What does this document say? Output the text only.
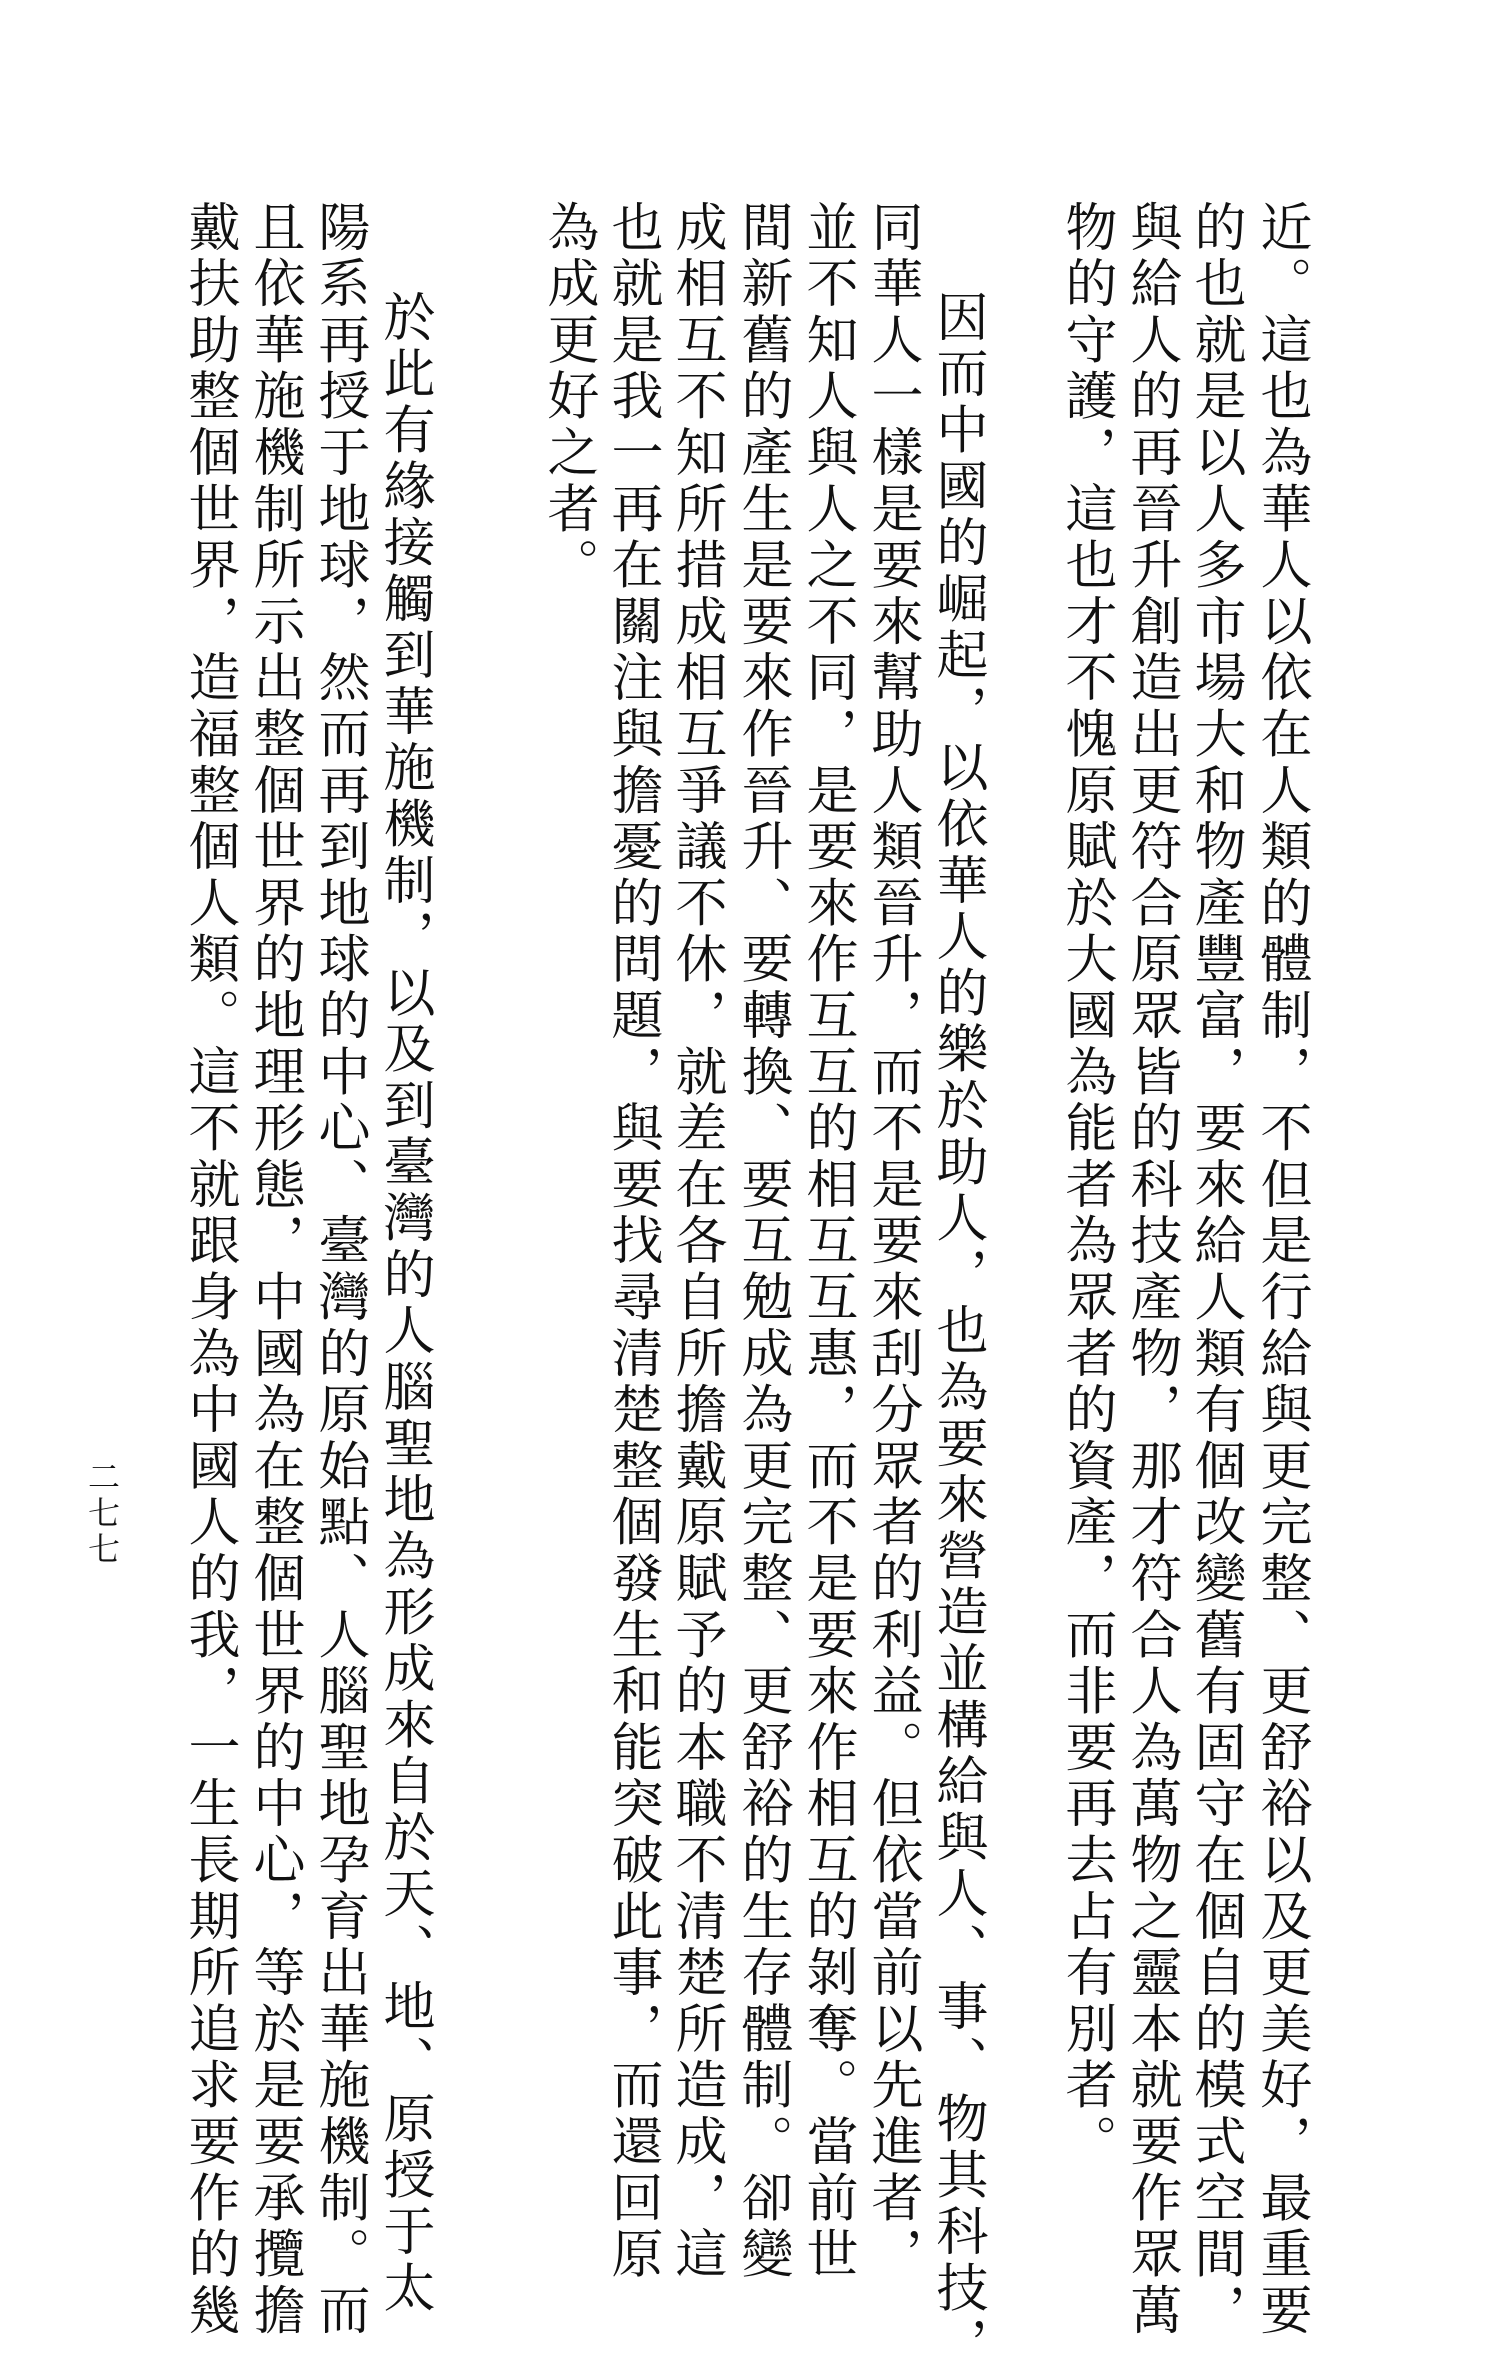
近。這也為華人以依在人類的體制，不但是行給與更完整、更舒裕以及更美好，最重要
的也就是以人多市場大和物產豐富，要來給人類有個改變舊有固守在個自的模式空間，
與給人的再晉升創造出更符合原眾皆的科技產物，那才符合人為萬物之靈本就要作眾萬
物的守護，這也才不愧原賦於大國為能者為眾者的資產，而非要再去占有別者。
因而中國的崛起，以依華人的樂於助人，也為要來營造並構給與人、事、物其科技，
同華人一樣是要來幫助人類晉升，而不是要來刮分眾者的利益。但依當前以先進者，
並不知人與人之不同，是要來作互互的相互互惠，而不是要來作相互的剝奪。當前世
間新舊的產生是要來作晉升、要轉換、要互勉成為更完整、更舒裕的生存體制。卻變
成相互不知所措成相互爭議不休，就差在各自所擔戴原賦予的本職不清楚所造成，這
也就是我一再在關注與擔憂的問題，與要找尋清楚整個發生和能突破此事，而還回原
為成更好之者。
於此有緣接觸到華施機制，以及到臺灣的人腦聖地為形成來自於天、地、原授于太
陽系再授于地球，然而再到地球的中心、臺灣的原始點、人腦聖地孕育出華施機制。而
且依華施機制所示出整個世界的地理形態，中國為在整個世界的中心，等於是要承攬擔
戴扶助整個世界，造福整個人類。這不就跟身為中國人的我，一生長期所追求要作的幾
二七七
